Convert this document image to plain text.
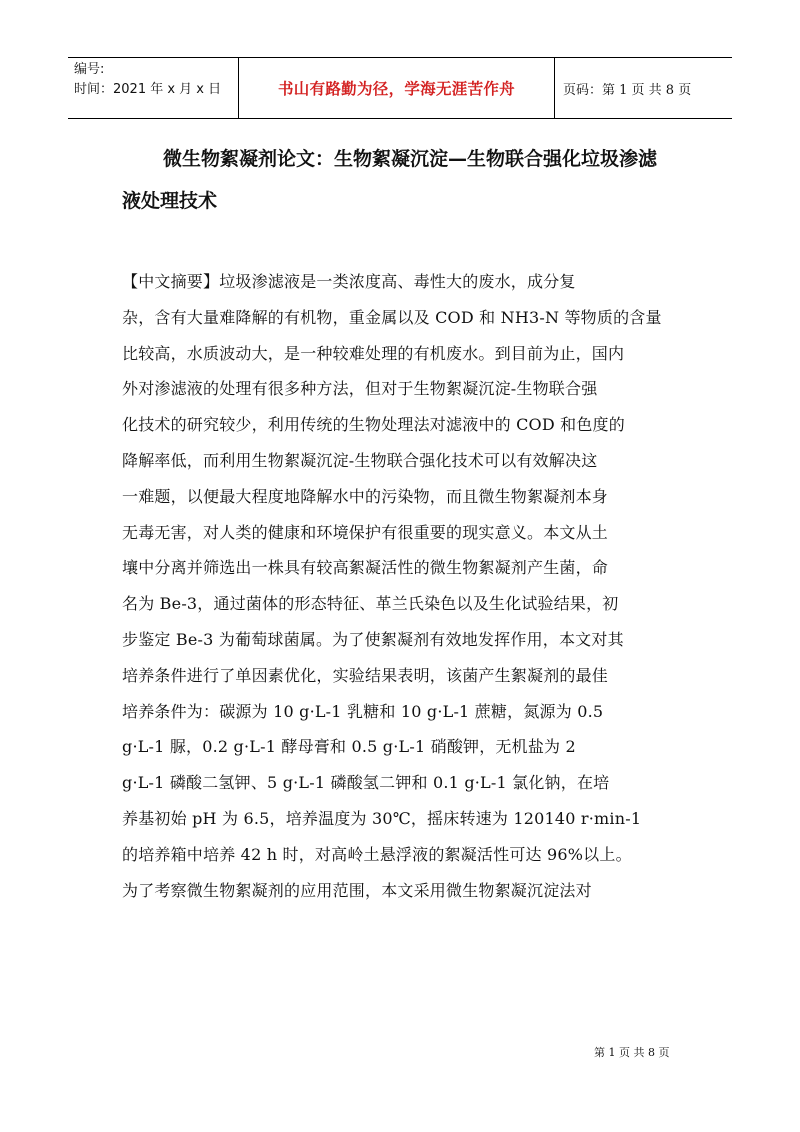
编号:
时间：2021 年 x 月 x 日	书山有路勤为径，学海无涯苦作舟	页码：第 1 页 共 8 页
微生物絮凝剂论文：生物絮凝沉淀—生物联合强化垃圾渗滤
液处理技术
【中文摘要】垃圾渗滤液是一类浓度高、毒性大的废水，成分复
杂，含有大量难降解的有机物，重金属以及 COD 和 NH3-N 等物质的含量
比较高，水质波动大，是一种较难处理的有机废水。到目前为止，国内
外对渗滤液的处理有很多种方法，但对于生物絮凝沉淀-生物联合强
化技术的研究较少，利用传统的生物处理法对滤液中的 COD 和色度的
降解率低，而利用生物絮凝沉淀-生物联合强化技术可以有效解决这
一难题，以便最大程度地降解水中的污染物，而且微生物絮凝剂本身
无毒无害，对人类的健康和环境保护有很重要的现实意义。本文从土
壤中分离并筛选出一株具有较高絮凝活性的微生物絮凝剂产生菌，命
名为 Be-3，通过菌体的形态特征、革兰氏染色以及生化试验结果，初
步鉴定 Be-3 为葡萄球菌属。为了使絮凝剂有效地发挥作用，本文对其
培养条件进行了单因素优化，实验结果表明，该菌产生絮凝剂的最佳
培养条件为：碳源为 10 g·L-1 乳糖和 10 g·L-1 蔗糖，氮源为 0.5
g·L-1 脲，0.2 g·L-1 酵母膏和 0.5 g·L-1 硝酸钾，无机盐为 2
g·L-1 磷酸二氢钾、5 g·L-1 磷酸氢二钾和 0.1 g·L-1 氯化钠，在培
养基初始 pH 为 6.5，培养温度为 30℃，摇床转速为 120140 r·min-1
的培养箱中培养 42 h 时，对高岭土悬浮液的絮凝活性可达 96%以上。
为了考察微生物絮凝剂的应用范围，本文采用微生物絮凝沉淀法对
第 1 页 共 8 页
